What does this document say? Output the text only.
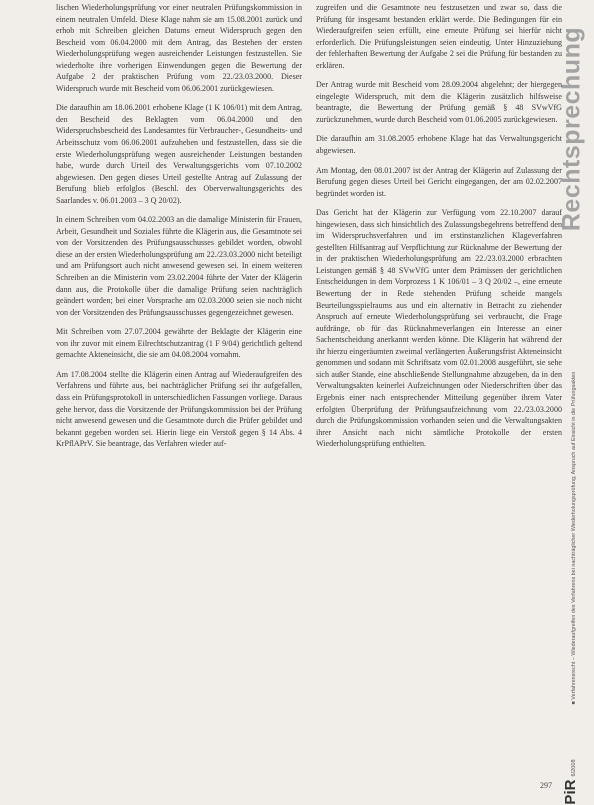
lischen Wiederholungsprüfung vor einer neutralen Prüfungskommission in einem neutralen Umfeld. Diese Klage nahm sie am 15.08.2001 zurück und erhob mit Schreiben gleichen Datums erneut Widerspruch gegen den Bescheid vom 06.04.2000 mit dem Antrag, das Bestehen der ersten Wiederholungsprüfung wegen ausreichender Leistungen festzustellen. Sie wiederholte ihre vorherigen Einwendungen gegen die Bewertung der Aufgabe 2 der praktischen Prüfung vom 22./23.03.2000. Dieser Widerspruch wurde mit Bescheid vom 06.06.2001 zurückgewiesen.

Die daraufhin am 18.06.2001 erhobene Klage (1 K 106/01) mit dem Antrag, den Bescheid des Beklagten vom 06.04.2000 und den Widerspruchsbescheid des Landesamtes für Verbraucher-, Gesundheits- und Arbeitsschutz vom 06.06.2001 aufzuheben und festzustellen, dass sie die erste Wiederholungsprüfung wegen ausreichender Leistungen bestanden habe, wurde durch Urteil des Verwaltungsgerichts vom 07.10.2002 abgewiesen. Den gegen dieses Urteil gestellte Antrag auf Zulassung der Berufung blieb erfolglos (Beschl. des Oberverwaltungsgerichts des Saarlandes v. 06.01.2003 – 3 Q 20/02).

In einem Schreiben vom 04.02.2003 an die damalige Ministerin für Frauen, Arbeit, Gesundheit und Soziales führte die Klägerin aus, die Gesamtnote sei von der Vorsitzenden des Prüfungsausschusses gebildet worden, obwohl diese an der ersten Wiederholungsprüfung am 22./23.03.2000 nicht beteiligt und am Prüfungsort auch nicht anwesend gewesen sei. In einem weiteren Schreiben an die Ministerin vom 23.02.2004 führte der Vater der Klägerin dann aus, die Protokolle über die damalige Prüfung seien nachträglich geändert worden; bei einer Vorsprache am 02.03.2000 seien sie noch nicht von der Vorsitzenden des Prüfungsausschusses gegengezeichnet gewesen.

Mit Schreiben vom 27.07.2004 gewährte der Beklagte der Klägerin eine von ihr zuvor mit einem Eilrechtschutzantrag (1 F 9/04) gerichtlich geltend gemachte Akteneinsicht, die sie am 04.08.2004 vornahm.

Am 17.08.2004 stellte die Klägerin einen Antrag auf Wiederaufgreifen des Verfahrens und führte aus, bei nachträglicher Prüfung sei ihr aufgefallen, dass ein Prüfungsprotokoll in unterschiedlichen Fassungen vorliege. Daraus gehe hervor, dass die Vorsitzende der Prüfungskommission bei der Prüfung nicht anwesend gewesen und die Gesamtnote durch die Prüfer gebildet und bekannt gegeben worden sei. Hierin liege ein Verstoß gegen § 14 Abs. 4 KrPflAPrV. Sie beantrage, das Verfahren wieder auf-

zugreifen und die Gesamtnote neu festzusetzen und zwar so, dass die Prüfung für insgesamt bestanden erklärt werde. Die Bedingungen für ein Wiederaufgreifen seien erfüllt, eine erneute Prüfung sei hierfür nicht erforderlich. Die Prüfungsleistungen seien eindeutig. Unter Hinzuziehung der fehlerhaften Bewertung der Aufgabe 2 sei die Prüfung für bestanden zu erklären.

Der Antrag wurde mit Bescheid vom 28.09.2004 abgelehnt; der hiergegen eingelegte Widerspruch, mit dem die Klägerin zusätzlich hilfsweise beantragte, die Bewertung der Prüfung gemäß § 48 SVwVfG zurückzunehmen, wurde durch Bescheid vom 01.06.2005 zurückgewiesen.

Die daraufhin am 31.08.2005 erhobene Klage hat das Verwaltungsgericht abgewiesen.

Am Montag, den 08.01.2007 ist der Antrag der Klägerin auf Zulassung der Berufung gegen dieses Urteil bei Gericht eingegangen, der am 02.02.2007 begründet worden ist.

Das Gericht hat der Klägerin zur Verfügung vom 22.10.2007 darauf hingewiesen, dass sich hinsichtlich des Zulassungsbegehrens betreffend den im Widerspruchsverfahren und im erstinstanzlichen Klageverfahren gestellten Hilfsantrag auf Verpflichtung zur Rücknahme der Bewertung der in der praktischen Wiederholungsprüfung am 22./23.03.2000 erbrachten Leistungen gemäß § 48 SVwVfG unter dem Prämissen der gerichtlichen Entscheidungen in dem Vorprozess 1 K 106/01 – 3 Q 20/02 –, eine erneute Bewertung der in Rede stehenden Prüfung scheide mangels Beurteilungsspielraums aus und ein alternativ in Betracht zu ziehender Anspruch auf erneute Wiederholungsprüfung sei verbraucht, die Frage aufdränge, ob für das Rücknahmeverlangen ein Interesse an einer Sachentscheidung anerkannt werden könne. Die Klägerin hat während der ihr hierzu eingeräumten zweimal verlängerten Äußerungsfrist Akteneinsicht genommen und sodann mit Schriftsatz vom 02.01.2008 ausgeführt, sie sehe sich außer Stande, eine abschließende Stellungnahme abzugeben, da in den Verwaltungsakten keinerlei Aufzeichnungen oder Niederschriften über das Ergebnis einer nach entsprechender Mitteilung gegenüber ihrem Vater erfolgten Überprüfung der Prüfungsaufzeichnung vom 22./23.03.2000 durch die Prüfungskommission vorhanden seien und die Verwaltungsakten ihrer Ansicht nach nicht sämtliche Protokolle der ersten Wiederholungsprüfung enthielten.

Rechtsprechung
■ Verfahrensrecht – Wiederaufgreifen des Verfahrens bei nachträglicher Wiederholungsprüfung; Anspruch auf Einsicht in die Prüfungsakten
PiR6/2008
297
